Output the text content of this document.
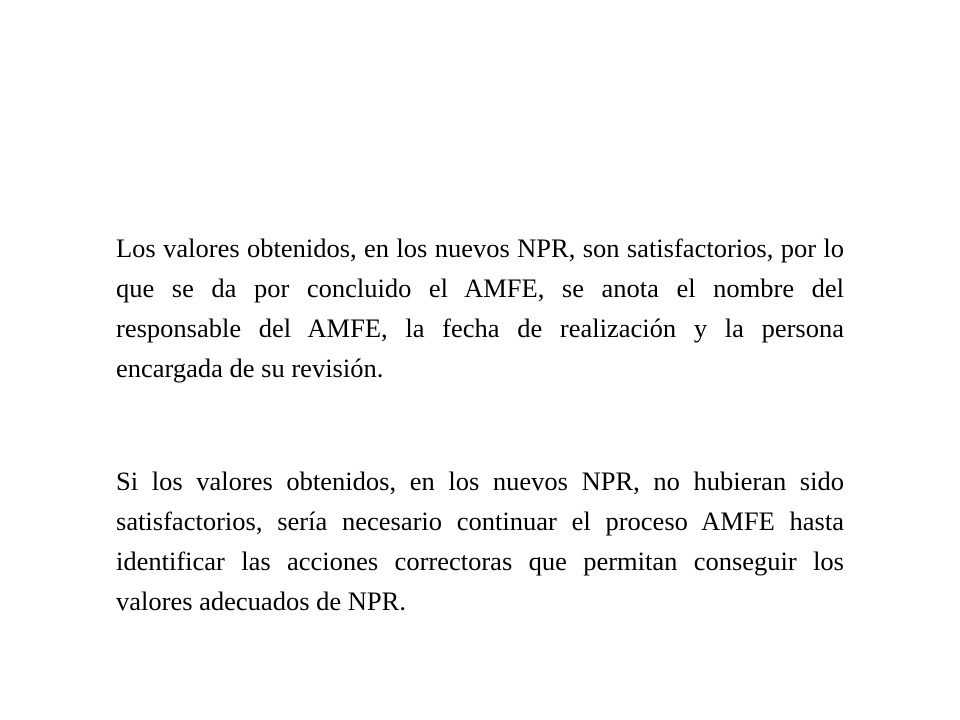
Los valores obtenidos, en los nuevos NPR, son satisfactorios, por lo que se da por concluido el AMFE, se anota el nombre del responsable del AMFE, la fecha de realización y la persona encargada de su revisión.

Si los valores obtenidos, en los nuevos NPR, no hubieran sido satisfactorios, sería necesario continuar el proceso AMFE hasta identificar las acciones correctoras que permitan conseguir los valores adecuados de NPR.
